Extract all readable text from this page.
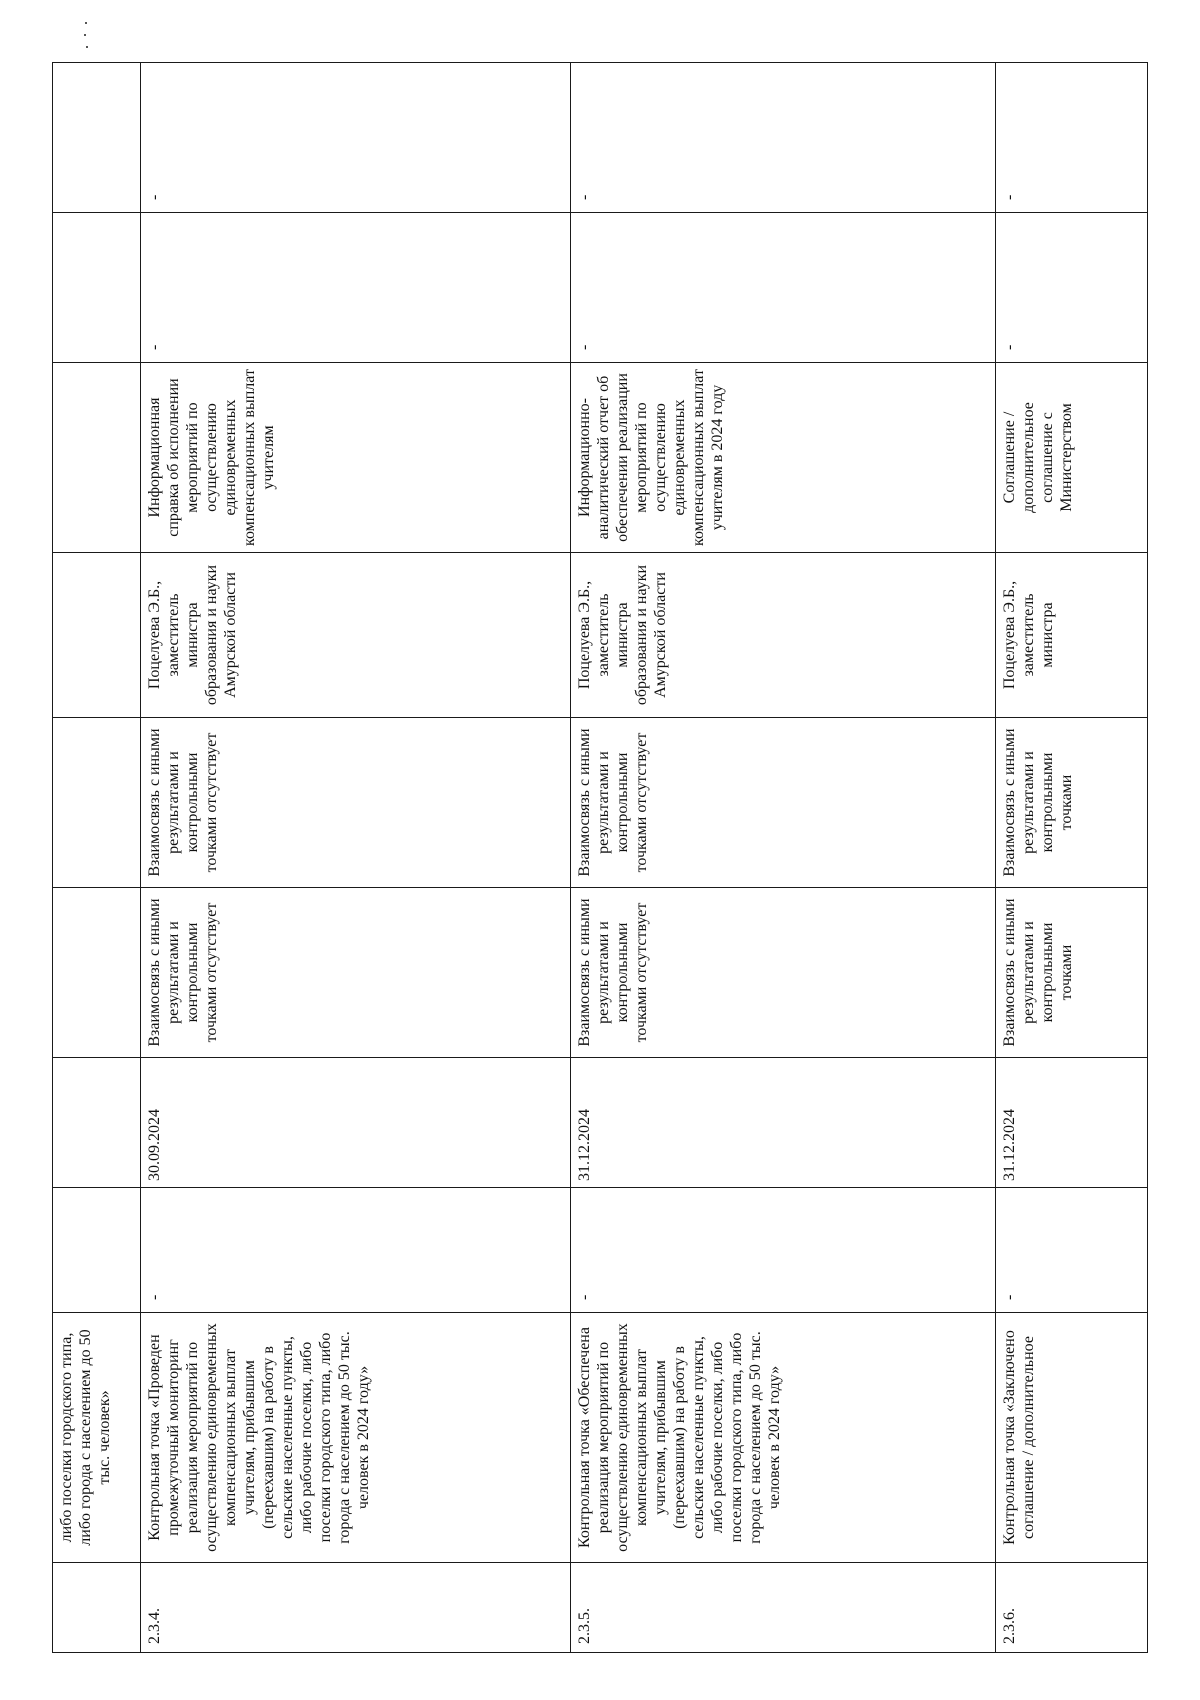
	либо поселки городского типа, либо города с населением до 50 тыс. человек»								
2.3.4.	Контрольная точка «Проведен промежуточный мониторинг реализация мероприятий по осуществлению единовременных компенсационных выплат учителям, прибывшим (переехавшим) на работу в сельские населенные пункты, либо рабочие поселки, либо поселки городского типа, либо города с населением до 50 тыс. человек в 2024 году»	-	30.09.2024	Взаимосвязь с иными результатами и контрольными точками отсутствует	Взаимосвязь с иными результатами и контрольными точками отсутствует	Поцелуева Э.Б., заместитель министра образования и науки Амурской области	Информационная справка об исполнении мероприятий по осуществлению единовременных компенсационных выплат учителям	-	-
2.3.5.	Контрольная точка «Обеспечена реализация мероприятий по осуществлению единовременных компенсационных выплат учителям, прибывшим (переехавшим) на работу в сельские населенные пункты, либо рабочие поселки, либо поселки городского типа, либо города с населением до 50 тыс. человек в 2024 году»	-	31.12.2024	Взаимосвязь с иными результатами и контрольными точками отсутствует	Взаимосвязь с иными результатами и контрольными точками отсутствует	Поцелуева Э.Б., заместитель министра образования и науки Амурской области	Информационно-аналитический отчет об обеспечении реализации мероприятий по осуществлению единовременных компенсационных выплат учителям в 2024 году	-	-
2.3.6.	Контрольная точка «Заключено соглашение / дополнительное	-	31.12.2024	Взаимосвязь с иными результатами и контрольными точками	Взаимосвязь с иными результатами и контрольными точками	Поцелуева Э.Б., заместитель министра	Соглашение / дополнительное соглашение с Министерством	-	-
